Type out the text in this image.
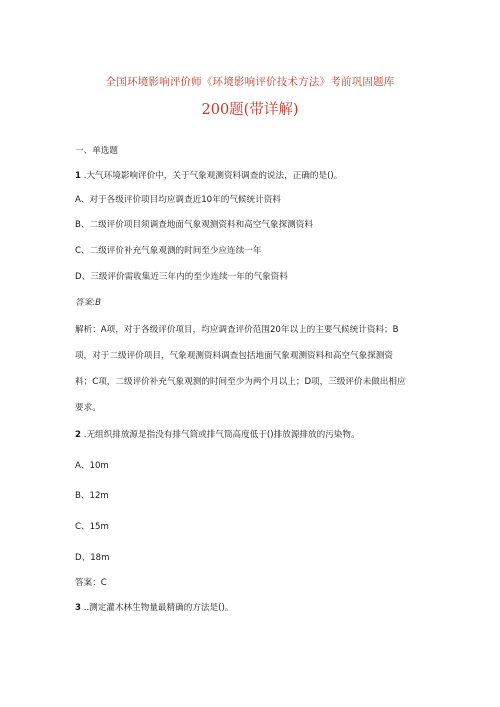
全国环境影响评价师《环境影响评价技术方法》考前巩固题库
200题(带详解)
一、单选题
1 .大气环境影响评价中，关于气象观测资料调查的说法，正确的是()。
A、对于各级评价项目均应调查近10年的气候统计资料
B、二级评价项目须调查地面气象观测资料和高空气象探测资料
C、二级评价补充气象观测的时间至少应连续一年
D、三级评价需收集近三年内的至少连续一年的气象资料
答案:B
解析：A项，对于各级评价项目，均应调查评价范围20年以上的主要气候统计资料；B
项，对于二级评价项目，气象观测资料调查包括地面气象观测资料和高空气象探测资
料；C项，二级评价补充气象观测的时间至少为两个月以上；D项，三级评价未做出相应
要求。
2 .无组织排放源是指没有排气筒或排气筒高度低于()排放源排放的污染物。
A、10m
B、12m
C、15m
D、18m
答案：C
3 ..测定灌木林生物量最精确的方法是()。
